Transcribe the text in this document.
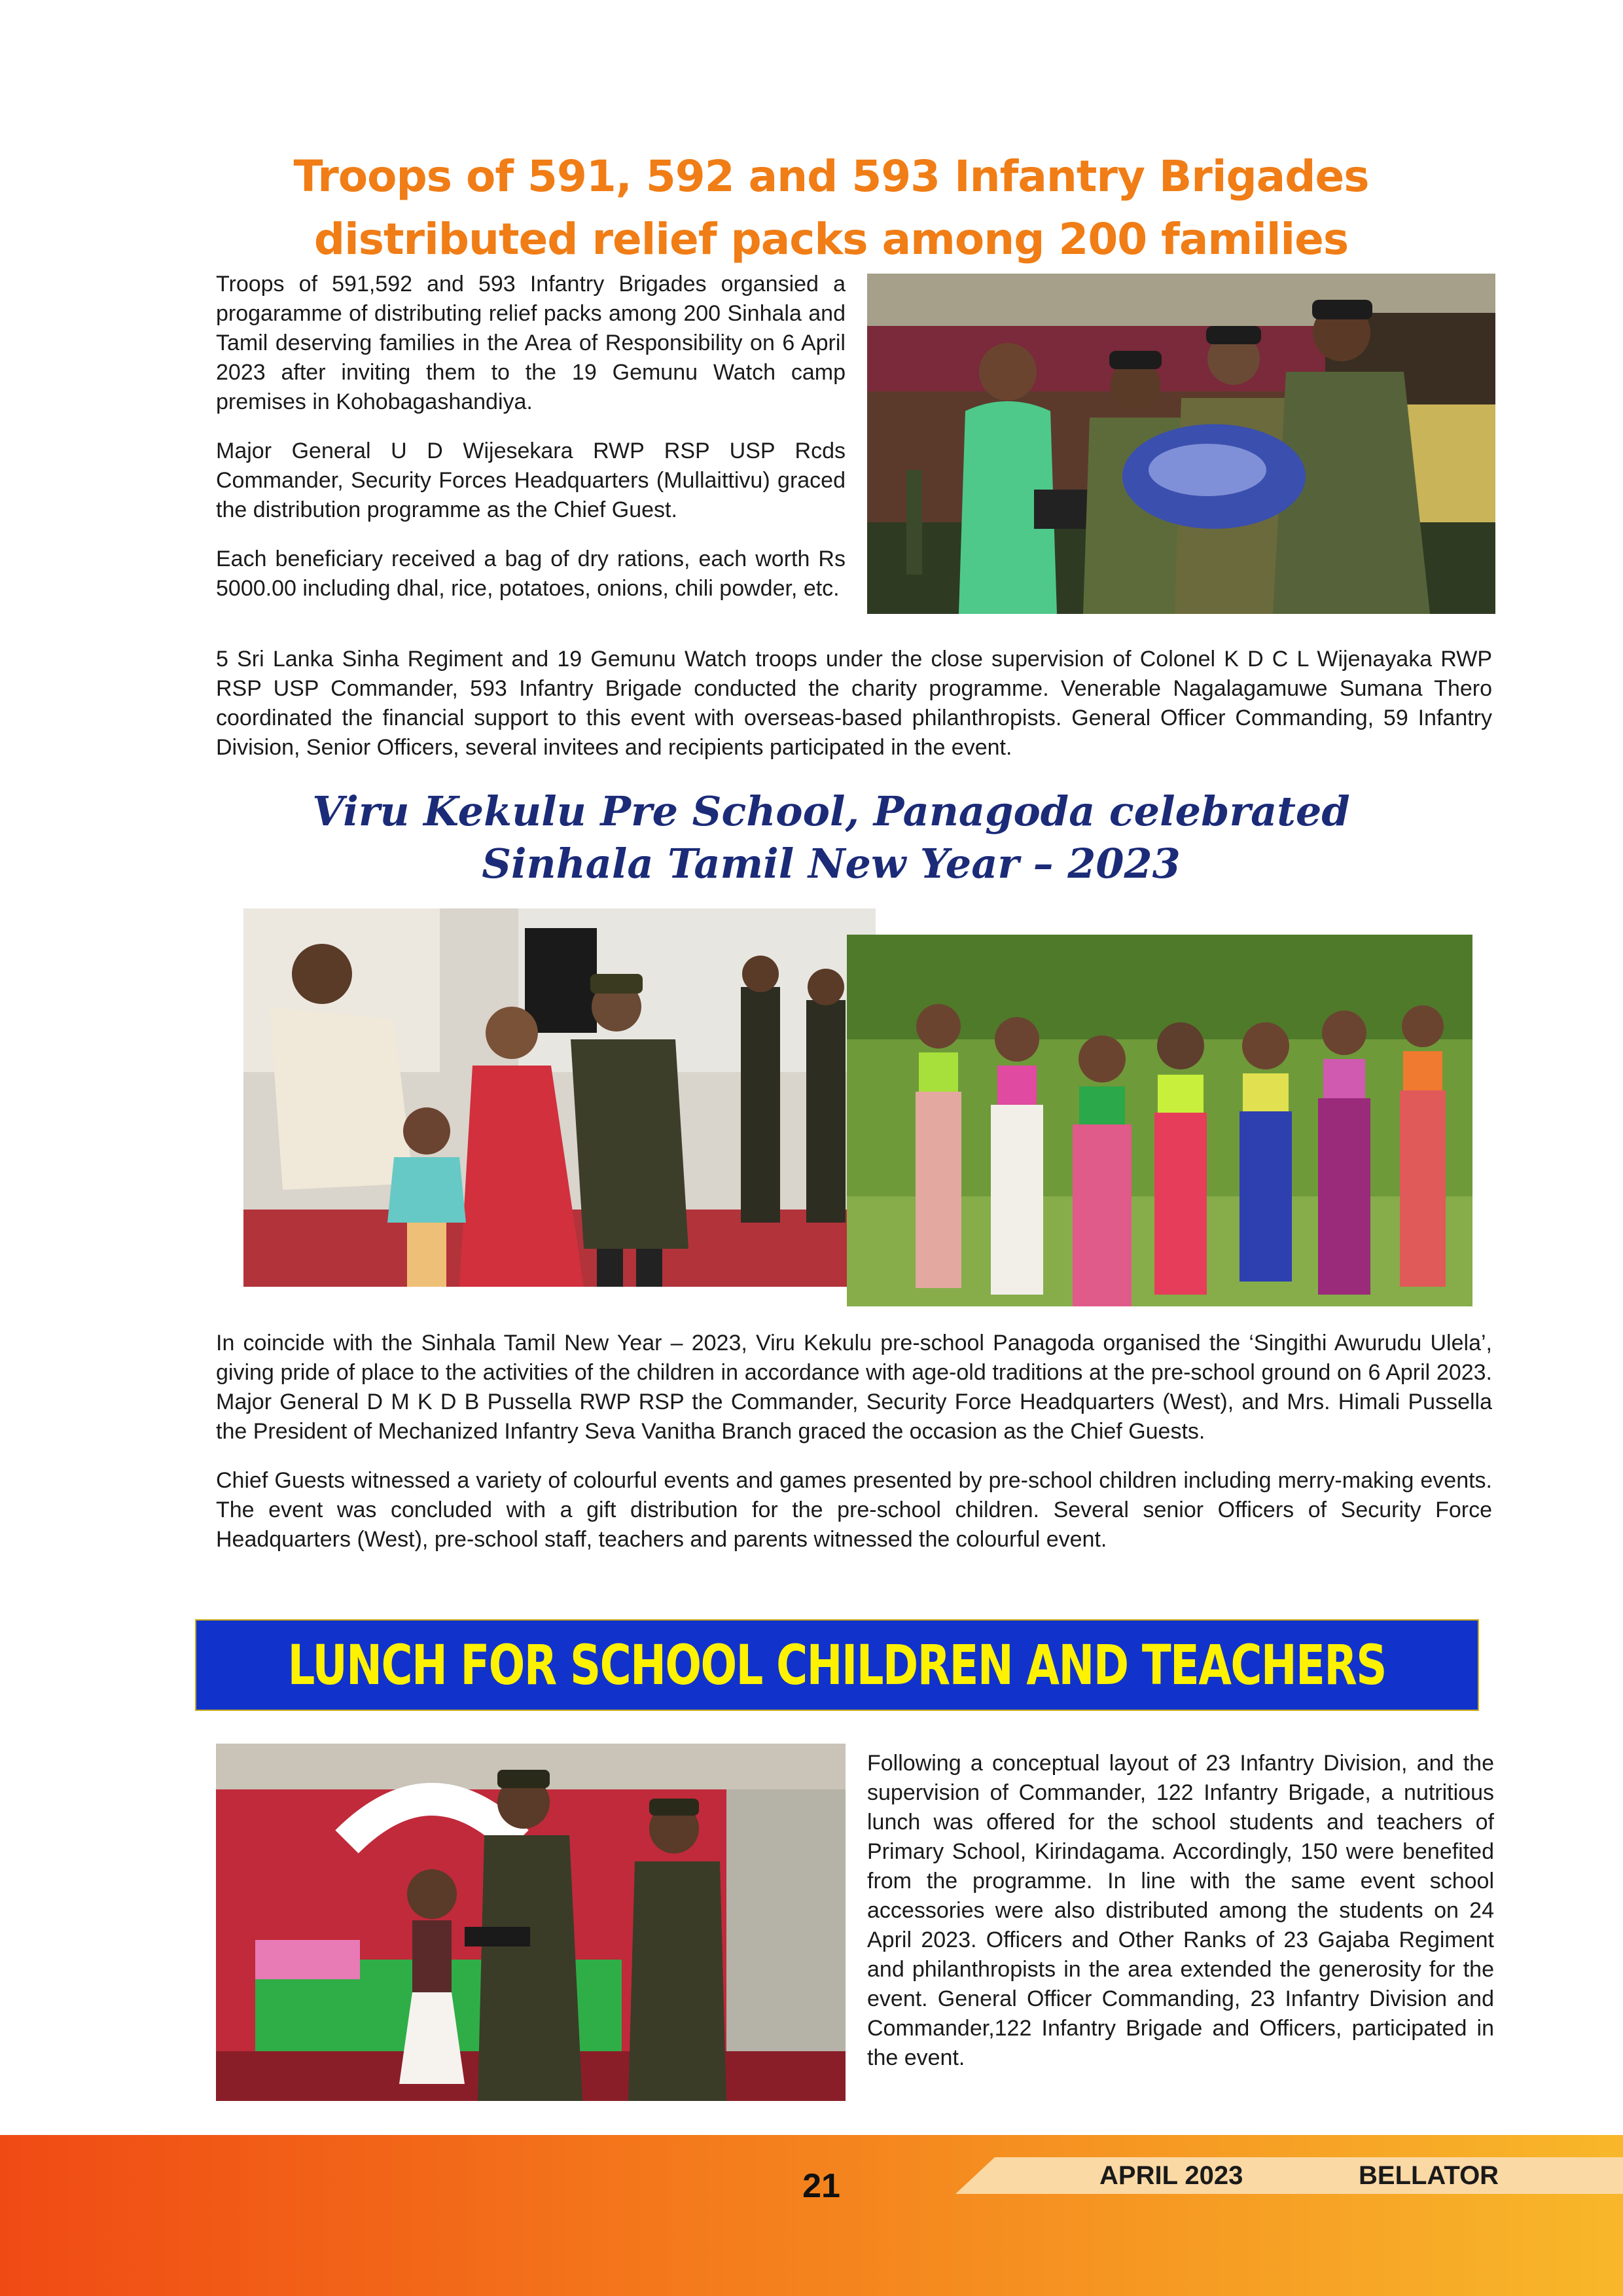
Troops of 591, 592 and 593 Infantry Brigades
distributed relief packs among 200 families

Troops of 591,592 and 593 Infantry Brigades organsied a progaramme of distributing relief packs among 200 Sinhala and Tamil deserving families in the Area of Responsibility on 6 April 2023 after inviting them to the 19 Gemunu Watch camp premises in Kohobagashandiya.

Major General U D Wijesekara RWP RSP USP Rcds Commander, Security Forces Headquarters (Mullaittivu) graced the distribution programme as the Chief Guest.

Each beneficiary received a bag of dry rations, each worth Rs 5000.00 including dhal, rice, potatoes, onions, chili powder, etc.

5 Sri Lanka Sinha Regiment and 19 Gemunu Watch troops under the close supervision of Colonel K D C L Wijenayaka RWP RSP USP Commander, 593 Infantry Brigade conducted the charity programme. Venerable Nagalagamuwe Sumana Thero coordinated the financial support to this event with overseas-based philanthropists. General Officer Commanding, 59 Infantry Division, Senior Officers, several invitees and recipients participated in the event.

Viru Kekulu Pre School, Panagoda celebrated
Sinhala Tamil New Year – 2023

In coincide with the Sinhala Tamil New Year – 2023, Viru Kekulu pre-school Panagoda organised the ‘Singithi Awurudu Ulela’, giving pride of place to the activities of the children in accordance with age-old traditions at the pre-school ground on 6 April 2023. Major General D M K D B Pussella RWP RSP the Commander, Security Force Headquarters (West), and Mrs. Himali Pussella the President of Mechanized Infantry Seva Vanitha Branch graced the occasion as the Chief Guests.

Chief Guests witnessed a variety of colourful events and games presented by pre-school children including merry-making events. The event was concluded with a gift distribution for the pre-school children. Several senior Officers of Security Force Headquarters (West), pre-school staff, teachers and parents witnessed the colourful event.

LUNCH FOR SCHOOL CHILDREN AND TEACHERS

Following a conceptual layout of 23 Infantry Division, and the supervision of Commander, 122 Infantry Brigade, a nutritious lunch was offered for the school students and teachers of Primary School, Kirindagama. Accordingly, 150 were benefited from the programme. In line with the same event school accessories were also distributed among the students on 24 April 2023. Officers and Other Ranks of 23 Gajaba Regiment and philanthropists in the area extended the generosity for the event. General Officer Commanding, 23 Infantry Division and Commander,122 Infantry Brigade and Officers, participated in the event.

21	APRIL 2023	BELLATOR
